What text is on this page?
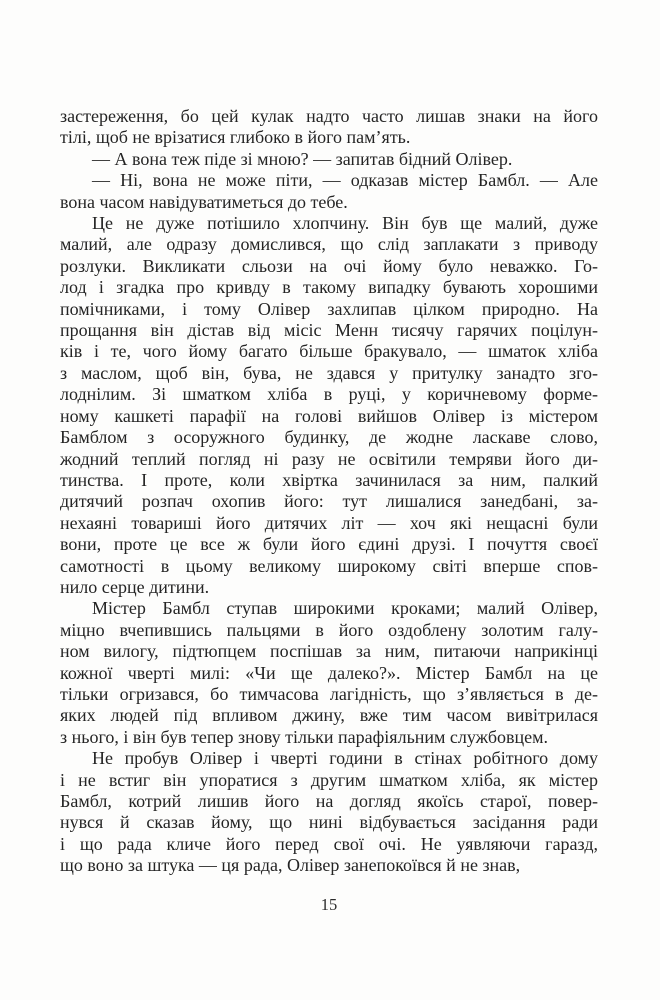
застереження, бо цей кулак надто часто лишав знаки на його
тілі, щоб не врізатися глибоко в його пам’ять.
— А вона теж піде зі мною? — запитав бідний Олівер.
— Ні, вона не може піти, — одказав містер Бамбл. — Але
вона часом навідуватиметься до тебе.
Це не дуже потішило хлопчину. Він був ще малий, дуже
малий, але одразу домислився, що слід заплакати з приводу
розлуки. Викликати сльози на очі йому було неважко. Го-
лод і згадка про кривду в такому випадку бувають хорошими
помічниками, і тому Олівер захлипав цілком природно. На
прощання він дістав від місіс Менн тисячу гарячих поцілун-
ків і те, чого йому багато більше бракувало, — шматок хліба
з маслом, щоб він, бува, не здався у притулку занадто зго-
лоднілим. Зі шматком хліба в руці, у коричневому форме-
ному кашкеті парафії на голові вийшов Олівер із містером
Бамблом з осоружного будинку, де жодне ласкаве слово,
жодний теплий погляд ні разу не освітили темряви його ди-
тинства. І проте, коли хвіртка зачинилася за ним, палкий
дитячий розпач охопив його: тут лишалися занедбані, за-
нехаяні товариші його дитячих літ — хоч які нещасні були
вони, проте це все ж були його єдині друзі. І почуття своєї
самотності в цьому великому широкому світі вперше спов-
нило серце дитини.
Містер Бамбл ступав широкими кроками; малий Олівер,
міцно вчепившись пальцями в його оздоблену золотим галу-
ном вилогу, підтюпцем поспішав за ним, питаючи наприкінці
кожної чверті милі: «Чи ще далеко?». Містер Бамбл на це
тільки огризався, бо тимчасова лагідність, що з’являється в де-
яких людей під впливом джину, вже тим часом вивітрилася
з нього, і він був тепер знову тільки парафіяльним службовцем.
Не пробув Олівер і чверті години в стінах робітного дому
і не встиг він упоратися з другим шматком хліба, як містер
Бамбл, котрий лишив його на догляд якоїсь старої, повер-
нувся й сказав йому, що нині відбувається засідання ради
і що рада кличе його перед свої очі. Не уявляючи гаразд,
що воно за штука — ця рада, Олівер занепокоївся й не знав,
15
